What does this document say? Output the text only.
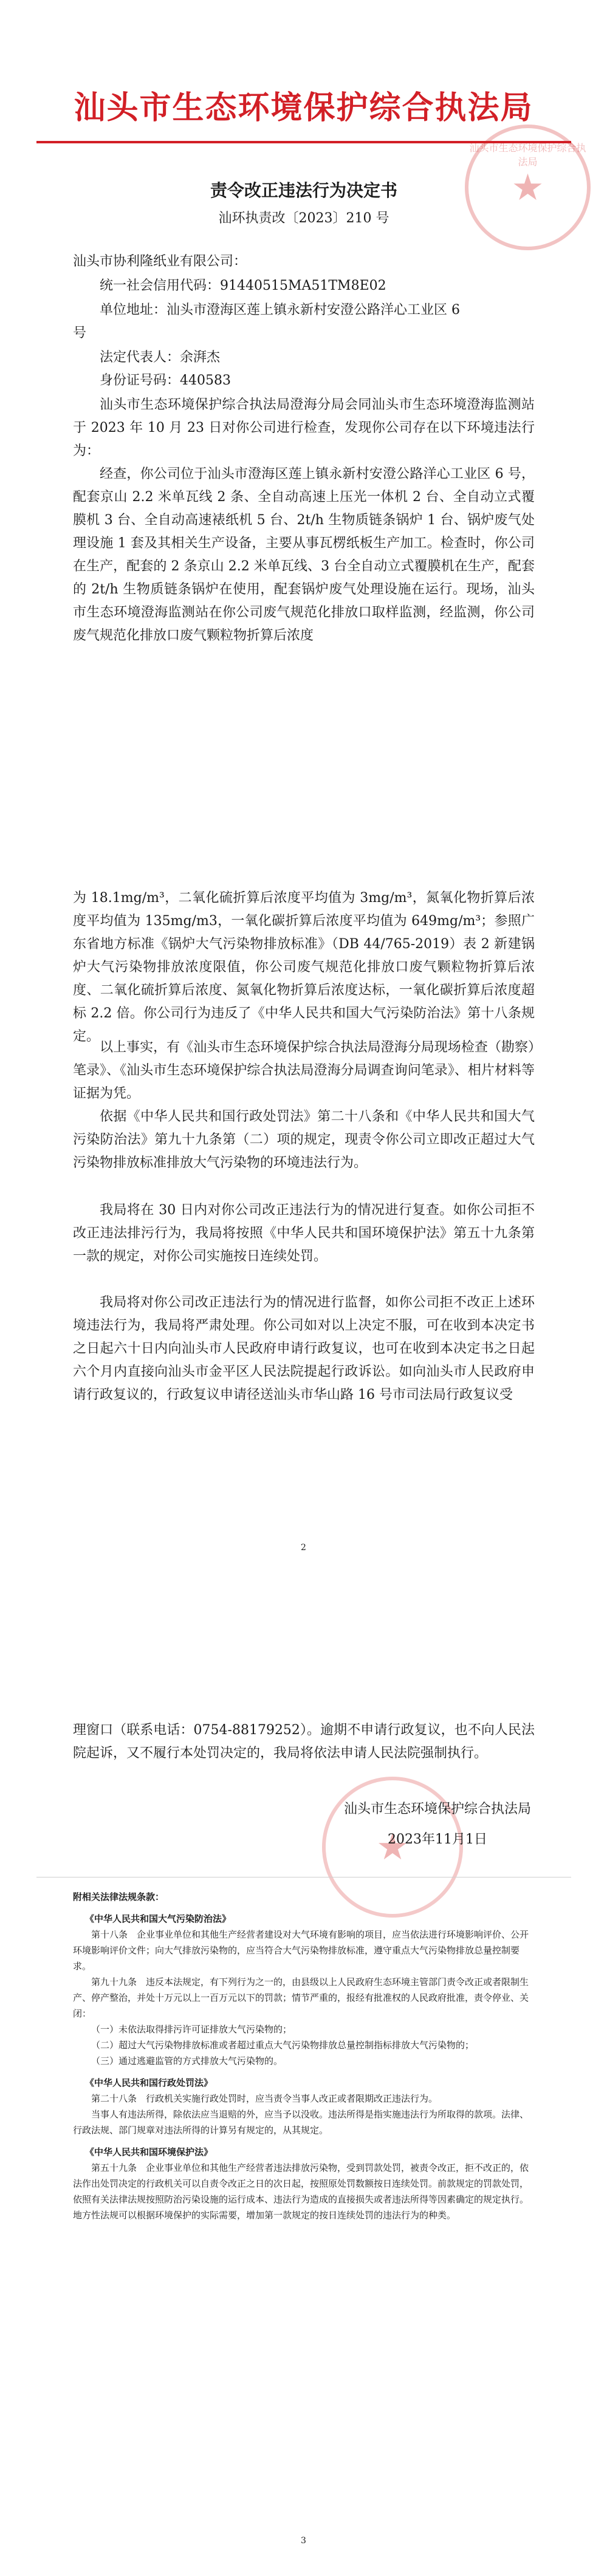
汕头市生态环境保护综合执法局
汕头市生态环境保护综合执法局
★
责令改正违法行为决定书
汕环执责改〔2023〕210 号
汕头市协利隆纸业有限公司：
统一社会信用代码：91440515MA51TM8E02
单位地址：汕头市澄海区莲上镇永新村安澄公路洋心工业区 6
号
法定代表人：余湃杰
身份证号码：440583

汕头市生态环境保护综合执法局澄海分局会同汕头市生态环境澄海监测站于 2023 年 10 月 23 日对你公司进行检查，发现你公司存在以下环境违法行为：

经查，你公司位于汕头市澄海区莲上镇永新村安澄公路洋心工业区 6 号，配套京山 2.2 米单瓦线 2 条、全自动高速上压光一体机 2 台、全自动立式覆膜机 3 台、全自动高速裱纸机 5 台、2t/h 生物质链条锅炉 1 台、锅炉废气处理设施 1 套及其相关生产设备，主要从事瓦楞纸板生产加工。检查时，你公司在生产，配套的 2 条京山 2.2 米单瓦线、3 台全自动立式覆膜机在生产，配套的 2t/h 生物质链条锅炉在使用，配套锅炉废气处理设施在运行。现场，汕头市生态环境澄海监测站在你公司废气规范化排放口取样监测，经监测，你公司废气规范化排放口废气颗粒物折算后浓度

为 18.1mg/m³，二氧化硫折算后浓度平均值为 3mg/m³，氮氧化物折算后浓度平均值为 135mg/m3，一氧化碳折算后浓度平均值为 649mg/m³；参照广东省地方标准《锅炉大气污染物排放标准》（DB 44/765-2019）表 2 新建锅炉大气污染物排放浓度限值，你公司废气规范化排放口废气颗粒物折算后浓度、二氧化硫折算后浓度、氮氧化物折算后浓度达标，一氧化碳折算后浓度超标 2.2 倍。你公司行为违反了《中华人民共和国大气污染防治法》第十八条规定。

以上事实，有《汕头市生态环境保护综合执法局澄海分局现场检查（勘察）笔录》、《汕头市生态环境保护综合执法局澄海分局调查询问笔录》、相片材料等证据为凭。

依据《中华人民共和国行政处罚法》第二十八条和《中华人民共和国大气污染防治法》第九十九条第（二）项的规定，现责令你公司立即改正超过大气污染物排放标准排放大气污染物的环境违法行为。

我局将在 30 日内对你公司改正违法行为的情况进行复查。如你公司拒不改正违法排污行为，我局将按照《中华人民共和国环境保护法》第五十九条第一款的规定，对你公司实施按日连续处罚。

我局将对你公司改正违法行为的情况进行监督，如你公司拒不改正上述环境违法行为，我局将严肃处理。你公司如对以上决定不服，可在收到本决定书之日起六十日内向汕头市人民政府申请行政复议，也可在收到本决定书之日起六个月内直接向汕头市金平区人民法院提起行政诉讼。如向汕头市人民政府申请行政复议的，行政复议申请径送汕头市华山路 16 号市司法局行政复议受

2

理窗口（联系电话：0754-88179252）。逾期不申请行政复议，也不向人民法院起诉，又不履行本处罚决定的，我局将依法申请人民法院强制执行。

★
汕头市生态环境保护综合执法局
2023年11月1日

附相关法律法规条款：

《中华人民共和国大气污染防治法》

第十八条　企业事业单位和其他生产经营者建设对大气环境有影响的项目，应当依法进行环境影响评价、公开环境影响评价文件；向大气排放污染物的，应当符合大气污染物排放标准，遵守重点大气污染物排放总量控制要求。

第九十九条　违反本法规定，有下列行为之一的，由县级以上人民政府生态环境主管部门责令改正或者限制生产、停产整治，并处十万元以上一百万元以下的罚款；情节严重的，报经有批准权的人民政府批准，责令停业、关闭：

（一）未依法取得排污许可证排放大气污染物的；

（二）超过大气污染物排放标准或者超过重点大气污染物排放总量控制指标排放大气污染物的；

（三）通过逃避监管的方式排放大气污染物的。

《中华人民共和国行政处罚法》

第二十八条　行政机关实施行政处罚时，应当责令当事人改正或者限期改正违法行为。

当事人有违法所得，除依法应当退赔的外，应当予以没收。违法所得是指实施违法行为所取得的款项。法律、行政法规、部门规章对违法所得的计算另有规定的，从其规定。

《中华人民共和国环境保护法》

第五十九条　企业事业单位和其他生产经营者违法排放污染物，受到罚款处罚，被责令改正，拒不改正的，依法作出处罚决定的行政机关可以自责令改正之日的次日起，按照原处罚数额按日连续处罚。前款规定的罚款处罚，依照有关法律法规按照防治污染设施的运行成本、违法行为造成的直接损失或者违法所得等因素确定的规定执行。地方性法规可以根据环境保护的实际需要，增加第一款规定的按日连续处罚的违法行为的种类。

3
